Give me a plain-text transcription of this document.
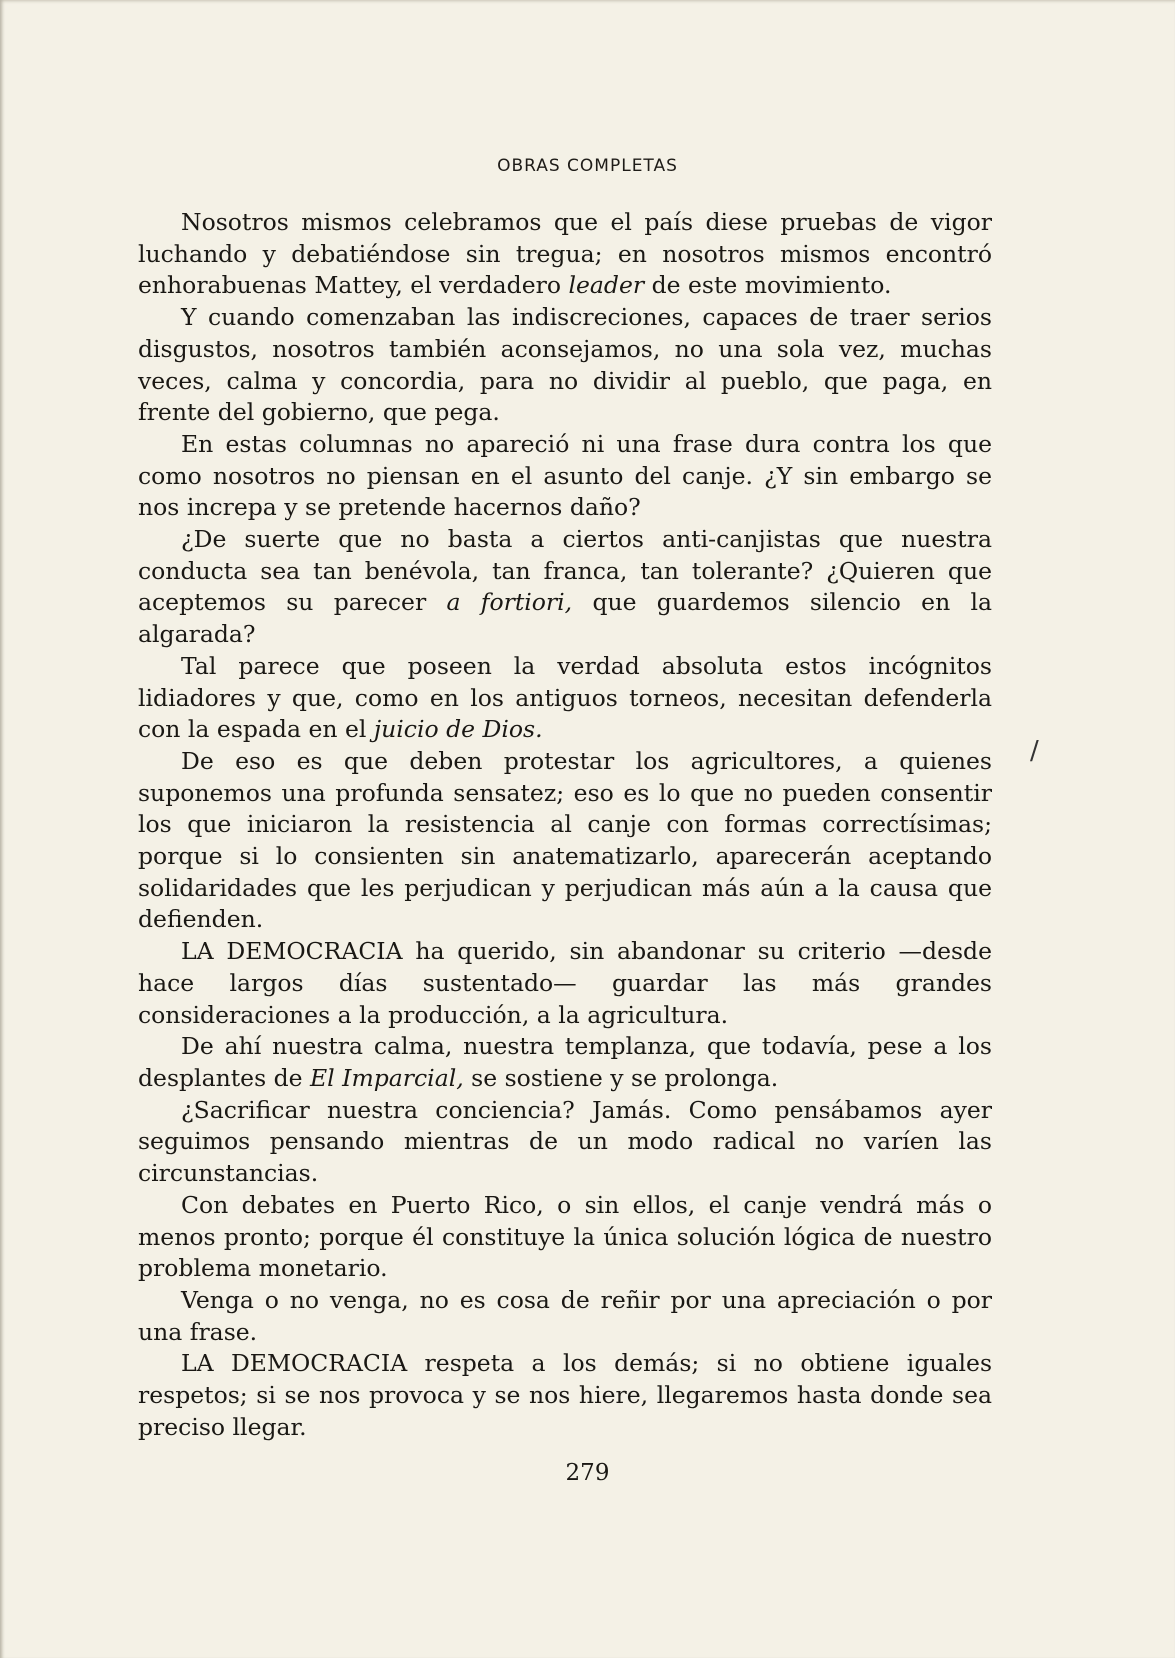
OBRAS COMPLETAS

Nosotros mismos celebramos que el país diese pruebas de vigor luchando y debatiéndose sin tregua; en nosotros mismos encontró enhorabuenas Mattey, el verdadero leader de este movimiento.

Y cuando comenzaban las indiscreciones, capaces de traer serios disgustos, nosotros también aconsejamos, no una sola vez, muchas veces, calma y concordia, para no dividir al pueblo, que paga, en frente del gobierno, que pega.

En estas columnas no apareció ni una frase dura contra los que como nosotros no piensan en el asunto del canje. ¿Y sin embargo se nos increpa y se pretende hacernos daño?

¿De suerte que no basta a ciertos anti-canjistas que nuestra conducta sea tan benévola, tan franca, tan tolerante? ¿Quieren que aceptemos su parecer a fortiori, que guardemos silencio en la algarada?

Tal parece que poseen la verdad absoluta estos incógnitos lidiadores y que, como en los antiguos torneos, necesitan defenderla con la espada en el juicio de Dios.

De eso es que deben protestar los agricultores, a quienes suponemos una profunda sensatez; eso es lo que no pueden consentir los que iniciaron la resistencia al canje con formas correctísimas; porque si lo consienten sin anatematizarlo, aparecerán aceptando solidaridades que les perjudican y perjudican más aún a la causa que defienden.

LA DEMOCRACIA ha querido, sin abandonar su criterio —desde hace largos días sustentado— guardar las más grandes consideraciones a la producción, a la agricultura.

De ahí nuestra calma, nuestra templanza, que todavía, pese a los desplantes de El Imparcial, se sostiene y se prolonga.

¿Sacrificar nuestra conciencia? Jamás. Como pensábamos ayer seguimos pensando mientras de un modo radical no varíen las circunstancias.

Con debates en Puerto Rico, o sin ellos, el canje vendrá más o menos pronto; porque él constituye la única solución lógica de nuestro problema monetario.

Venga o no venga, no es cosa de reñir por una apreciación o por una frase.

LA DEMOCRACIA respeta a los demás; si no obtiene iguales respetos; si se nos provoca y se nos hiere, llegaremos hasta donde sea preciso llegar.

/
279
